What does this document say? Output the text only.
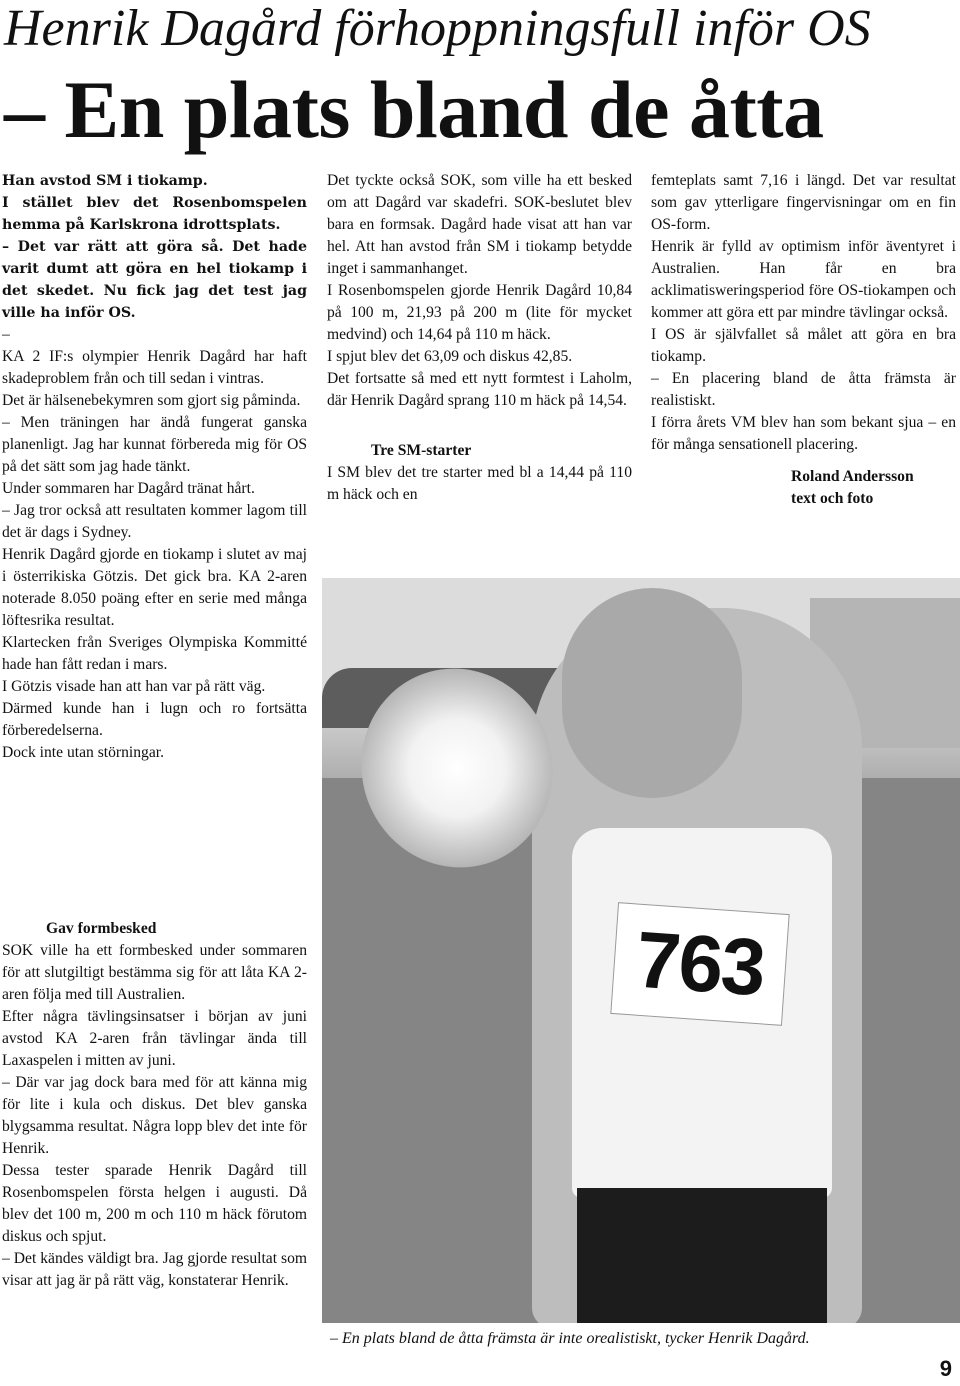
Henrik Dagård förhoppningsfull inför OS
– En plats bland de åtta

Han avstod SM i tiokamp.

I stället blev det Rosenbomspelen hemma på Karlskrona idrottsplats.

– Det var rätt att göra så. Det hade varit dumt att göra en hel tiokamp i det skedet. Nu fick jag det test jag ville ha inför OS.

–

KA 2 IF:s olympier Henrik Dagård har haft skadeproblem från och till sedan i vintras.

Det är hälsenebekymren som gjort sig påminda.

– Men träningen har ändå fungerat ganska planenligt. Jag har kunnat förbereda mig för OS på det sätt som jag hade tänkt.

Under sommaren har Dagård tränat hårt.

– Jag tror också att resultaten kommer lagom till det är dags i Sydney.

Henrik Dagård gjorde en tiokamp i slutet av maj i österrikiska Götzis. Det gick bra. KA 2-aren noterade 8.050 poäng efter en serie med många löftesrika resultat.

Klartecken från Sveriges Olympiska Kommitté hade han fått redan i mars.

I Götzis visade han att han var på rätt väg.

Därmed kunde han i lugn och ro fortsätta förberedelserna.

Dock inte utan störningar.

Gav formbesked

SOK ville ha ett formbesked under sommaren för att slutgiltigt bestämma sig för att låta KA 2-aren följa med till Australien.

Efter några tävlingsinsatser i början av juni avstod KA 2-aren från tävlingar ända till Laxaspelen i mitten av juni.

– Där var jag dock bara med för att känna mig för lite i kula och diskus. Det blev ganska blygsamma resultat. Några lopp blev det inte för Henrik.

Dessa tester sparade Henrik Dagård till Rosenbomspelen första helgen i augusti. Då blev det 100 m, 200 m och 110 m häck förutom diskus och spjut.

– Det kändes väldigt bra. Jag gjorde resultat som visar att jag är på rätt väg, konstaterar Henrik.

Det tyckte också SOK, som ville ha ett besked om att Dagård var skadefri. SOK-beslutet blev bara en formsak. Dagård hade visat att han var hel. Att han avstod från SM i tiokamp betydde inget i sammanhanget.

I Rosenbomspelen gjorde Henrik Dagård 10,84 på 100 m, 21,93 på 200 m (lite för mycket medvind) och 14,64 på 110 m häck.

I spjut blev det 63,09 och diskus 42,85.

Det fortsatte så med ett nytt formtest i Laholm, där Henrik Dagård sprang 110 m häck på 14,54.

Tre SM-starter

I SM blev det tre starter med bl a 14,44 på 110 m häck och en

femteplats samt 7,16 i längd. Det var resultat som gav ytterligare fingervisningar om en fin OS-form.

Henrik är fylld av optimism inför äventyret i Australien. Han får en bra acklimatisweringsperiod före OS-tiokampen och kommer att göra ett par mindre tävlingar också.

I OS är självfallet så målet att göra en bra tiokamp.

– En placering bland de åtta främsta är realistiskt.

I förra årets VM blev han som bekant sjua – en för många sensationell placering.

Roland Andersson

text och foto

763
– En plats bland de åtta främsta är inte orealistiskt, tycker Henrik Dagård.
9
